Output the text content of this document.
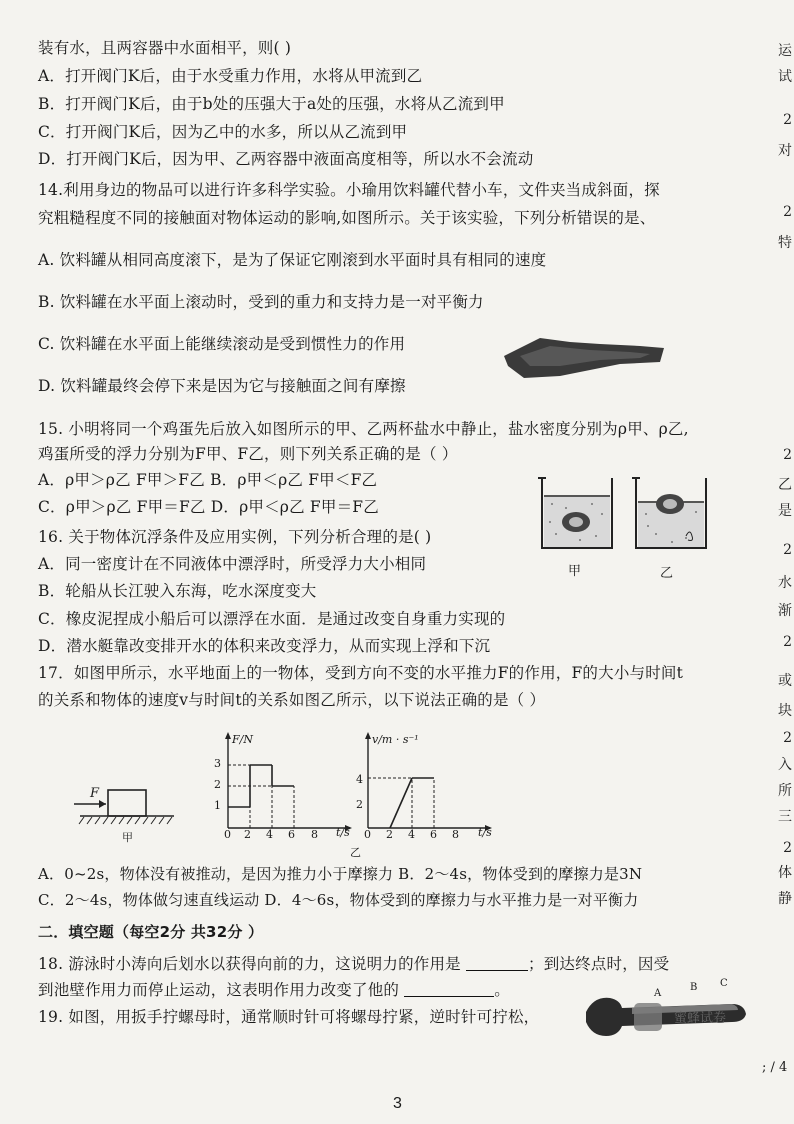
装有水，且两容器中水面相平，则( )
A．打开阀门K后，由于水受重力作用，水将从甲流到乙
B．打开阀门K后，由于b处的压强大于a处的压强，水将从乙流到甲
C．打开阀门K后，因为乙中的水多，所以从乙流到甲
D．打开阀门K后，因为甲、乙两容器中液面高度相等，所以水不会流动
14.利用身边的物品可以进行许多科学实验。小瑜用饮料罐代替小车，文件夹当成斜面，探
究粗糙程度不同的接触面对物体运动的影响,如图所示。关于该实验，下列分析错误的是、
A. 饮料罐从相同高度滚下，是为了保证它刚滚到水平面时具有相同的速度
B. 饮料罐在水平面上滚动时，受到的重力和支持力是一对平衡力
C. 饮料罐在水平面上能继续滚动是受到惯性力的作用
D. 饮料罐最终会停下来是因为它与接触面之间有摩擦
15. 小明将同一个鸡蛋先后放入如图所示的甲、乙两杯盐水中静止，盐水密度分别为ρ甲、ρ乙,
鸡蛋所受的浮力分别为F甲、F乙，则下列关系正确的是（ ）
A．ρ甲＞ρ乙 F甲＞F乙 B．ρ甲＜ρ乙 F甲＜F乙
C．ρ甲＞ρ乙 F甲＝F乙 D．ρ甲＜ρ乙 F甲＝F乙
甲	乙
16. 关于物体沉浮条件及应用实例，下列分析合理的是( )
A．同一密度计在不同液体中漂浮时，所受浮力大小相同
B．轮船从长江驶入东海，吃水深度变大
C．橡皮泥捏成小船后可以漂浮在水面．是通过改变自身重力实现的
D．潜水艇靠改变排开水的体积来改变浮力，从而实现上浮和下沉
17．如图甲所示，水平地面上的一物体，受到方向不变的水平推力F的作用，F的大小与时间t
的关系和物体的速度v与时间t的关系如图乙所示，以下说法正确的是（ ）
F
甲
F/N
t/s
3
2
1
0 2 4 6 8
v/m · s⁻¹
t/s
4
2
0 2 4 6 8
乙
A．0~2s，物体没有被推动，是因为推力小于摩擦力 B．2～4s，物体受到的摩擦力是3N
C．2～4s，物体做匀速直线运动 D．4～6s，物体受到的摩擦力与水平推力是一对平衡力
二．填空题（每空2分 共32分 ）
18. 游泳时小涛向后划水以获得向前的力，这说明力的作用是	；到达终点时，因受
到池壁作用力而停止运动，这表明作用力改变了他的	。
19. 如图，用扳手拧螺母时，通常顺时针可将螺母拧紧，逆时针可拧松，
A
B C
蜜蜂试卷
运
试
2
对
2
特
2
乙
是
2
水
渐
2
或
块
2
入
所
三
2
体
静
; / 4
3
